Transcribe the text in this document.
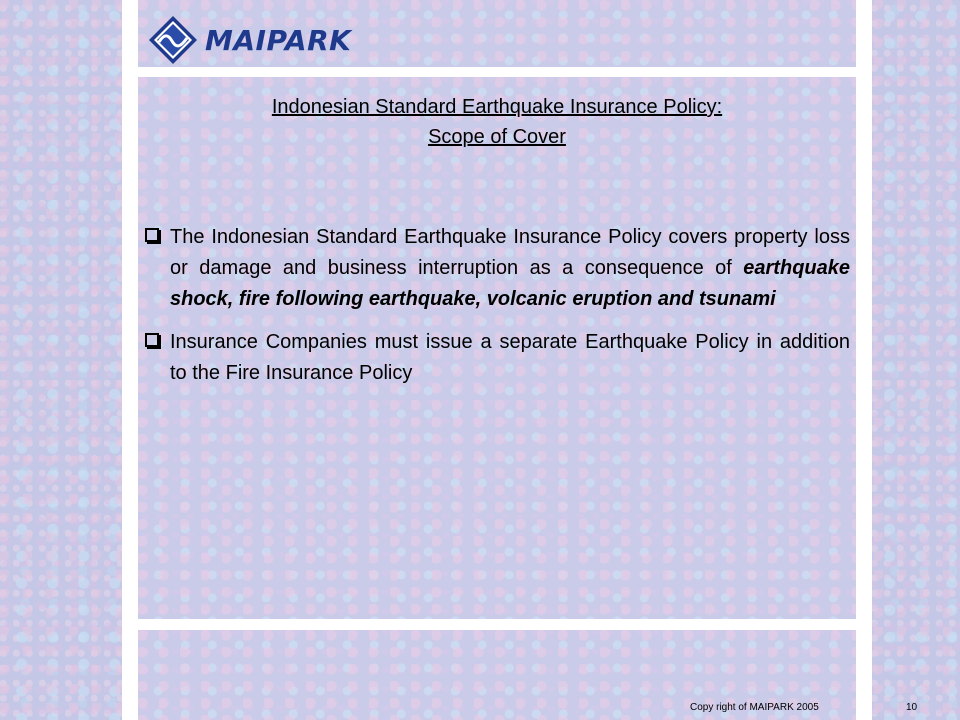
MAIPARK
Indonesian Standard Earthquake Insurance Policy:
Scope of Cover
The Indonesian Standard Earthquake Insurance Policy covers property loss or damage and business interruption as a consequence of earthquake shock, fire following earthquake, volcanic eruption and tsunami
Insurance Companies must issue a separate Earthquake Policy in addition to the Fire Insurance Policy
Copy right of MAIPARK 2005	10
